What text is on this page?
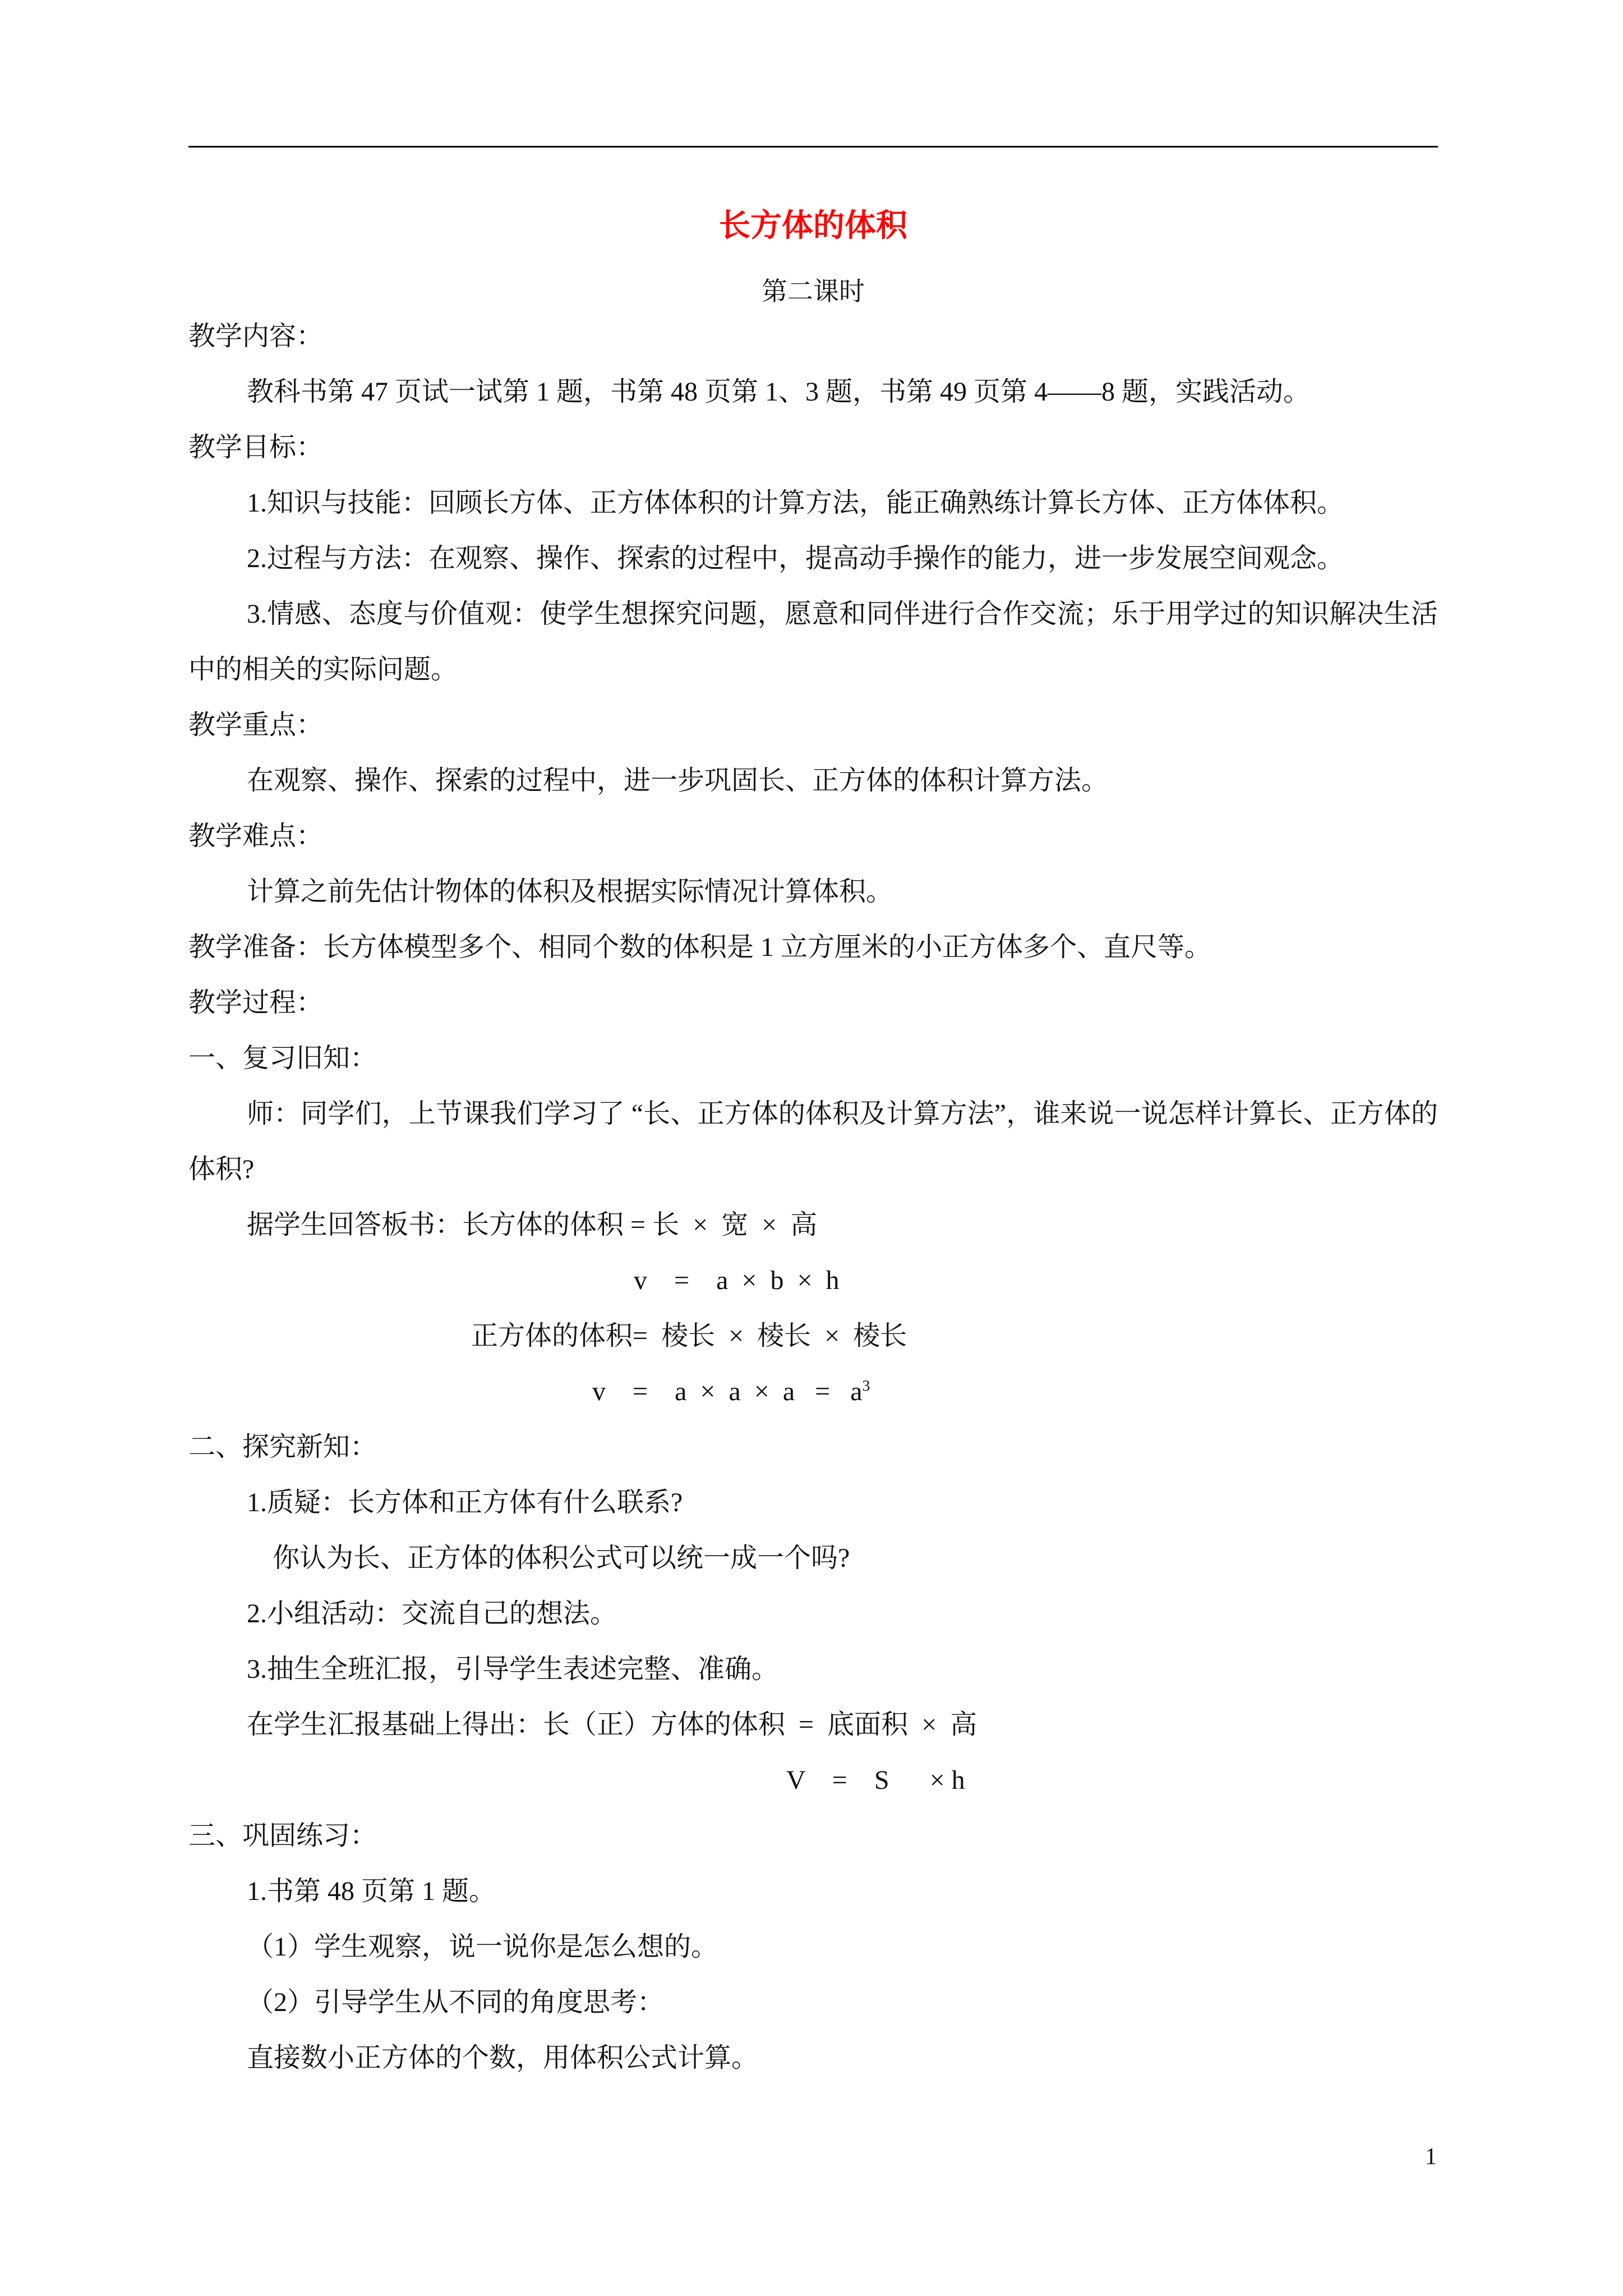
长方体的体积
第二课时

教学内容：

教科书第 47 页试一试第 1 题，书第 48 页第 1、3 题，书第 49 页第 4——8 题，实践活动。

教学目标：

1.知识与技能：回顾长方体、正方体体积的计算方法，能正确熟练计算长方体、正方体体积。

2.过程与方法：在观察、操作、探索的过程中，提高动手操作的能力，进一步发展空间观念。

3.情感、态度与价值观：使学生想探究问题，愿意和同伴进行合作交流；乐于用学过的知识解决生活中的相关的实际问题。

教学重点：

在观察、操作、探索的过程中，进一步巩固长、正方体的体积计算方法。

教学难点：

计算之前先估计物体的体积及根据实际情况计算体积。

教学准备：长方体模型多个、相同个数的体积是 1 立方厘米的小正方体多个、直尺等。

教学过程：

一、复习旧知：

师：同学们，上节课我们学习了 “长、正方体的体积及计算方法”，谁来说一说怎样计算长、正方体的体积?

据学生回答板书：长方体的体积 = 长  ×  宽  ×  高

v    =    a  ×  b  ×  h

正方体的体积=  棱长  ×  棱长  ×  棱长

v    =    $a \times a \times a = a^3$

二、探究新知：

1.质疑：长方体和正方体有什么联系?

你认为长、正方体的体积公式可以统一成一个吗?

2.小组活动：交流自己的想法。

3.抽生全班汇报，引导学生表述完整、准确。

在学生汇报基础上得出：长（正）方体的体积  =  底面积  ×  高

V    =    S      × h

三、巩固练习：

1.书第 48 页第 1 题。

（1）学生观察，说一说你是怎么想的。

（2）引导学生从不同的角度思考：

直接数小正方体的个数，用体积公式计算。

1
